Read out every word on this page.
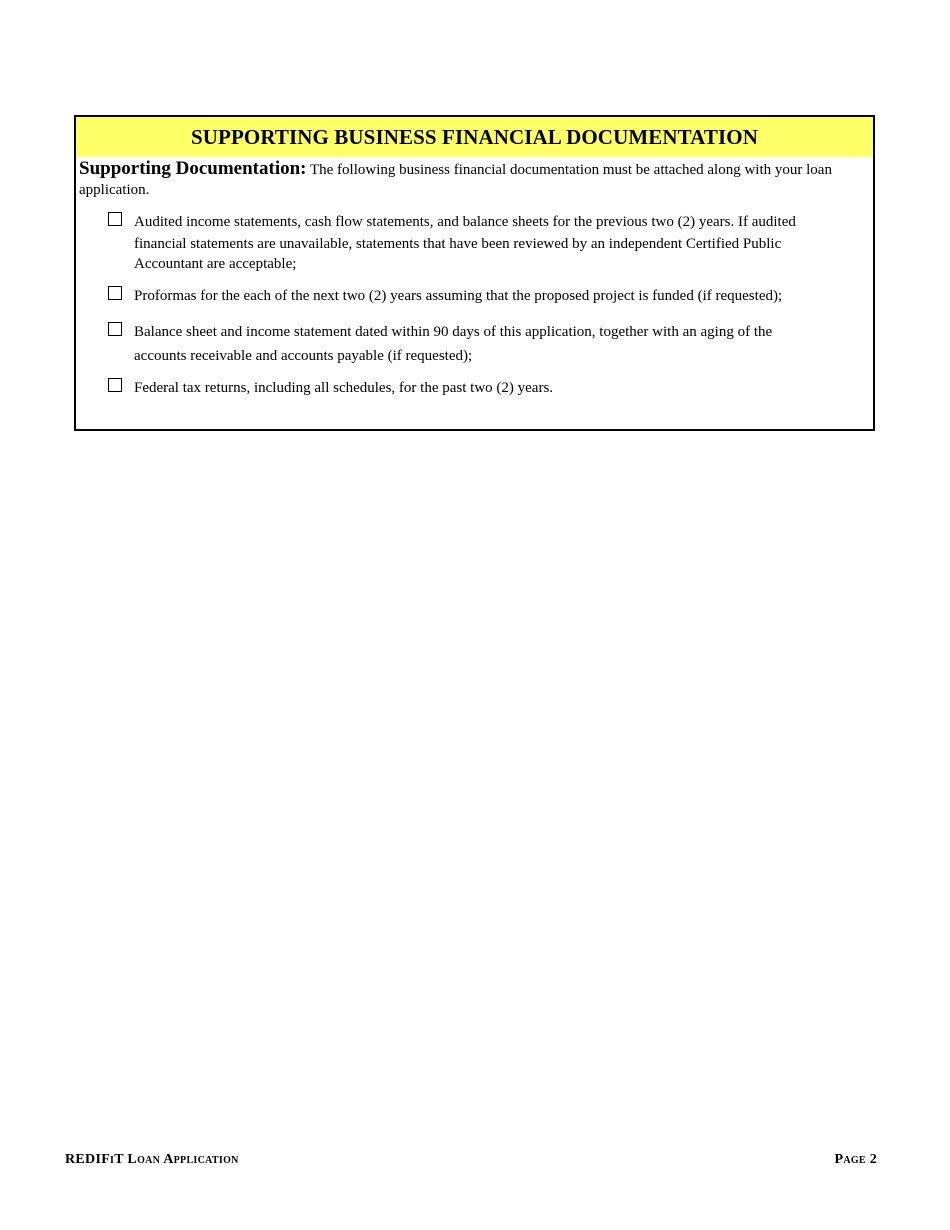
SUPPORTING BUSINESS FINANCIAL DOCUMENTATION

Supporting Documentation: The following business financial documentation must be attached along with your loan application.

Audited income statements, cash flow statements, and balance sheets for the previous two (2) years. If audited
financial statements are unavailable, statements that have been reviewed by an independent Certified Public Accountant are acceptable;
Proformas for the each of the next two (2) years assuming that the proposed project is funded (if requested);
Balance sheet and income statement dated within 90 days of this application, together with an aging of the
accounts receivable and accounts payable (if requested);
Federal tax returns, including all schedules, for the past two (2) years.
REDIFiT Loan Application	Page 2
